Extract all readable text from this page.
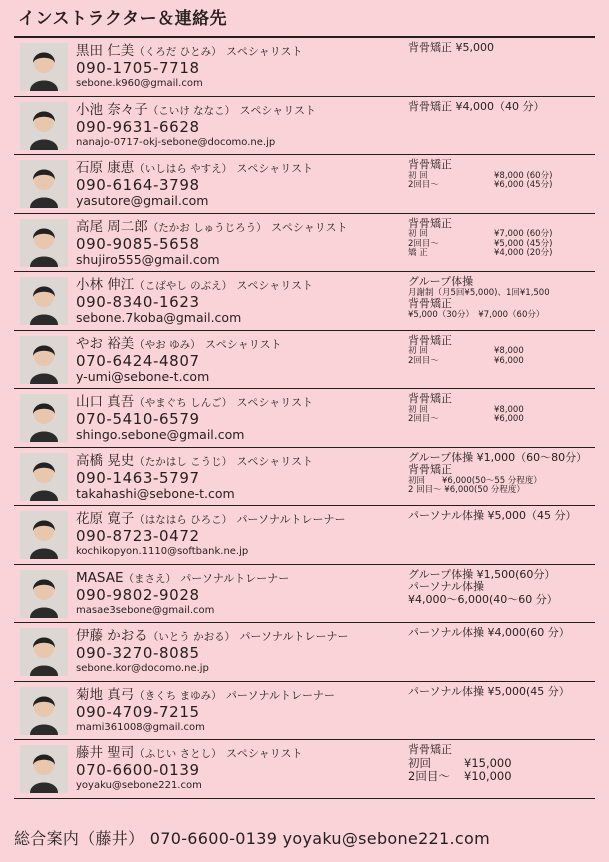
インストラクター＆連絡先
黒田 仁美（くろだ ひとみ） スペシャリスト
090-1705-7718
sebone.k960@gmail.com
背骨矯正 ¥5,000
小池 奈々子（こいけ ななこ） スペシャリスト
090-9631-6628
nanajo-0717-okj-sebone@docomo.ne.jp
背骨矯正 ¥4,000（40 分）
石原 康恵（いしはら やすえ） スペシャリスト
090-6164-3798
yasutore@gmail.com
背骨矯正
初 回	¥8,000 (60分)
2回目〜	¥6,000 (45分)
高尾 周二郎（たかお しゅうじろう） スペシャリスト
090-9085-5658
shujiro555@gmail.com
背骨矯正
初 回	¥7,000 (60分)
2回目〜	¥5,000 (45分)
矯 正	¥4,000 (20分)
小林 伸江（こばやし のぶえ） スペシャリスト
090-8340-1623
sebone.7koba@gmail.com
グループ体操
月謝制（月5回¥5,000)、1回¥1,500
背骨矯正
¥5,000（30分）　¥7,000（60分）
やお 裕美（やお ゆみ） スペシャリスト
070-6424-4807
y-umi@sebone-t.com
背骨矯正
初 回	¥8,000
2回目〜	¥6,000
山口 真吾（やまぐち しんご） スペシャリスト
070-5410-6579
shingo.sebone@gmail.com
背骨矯正
初 回	¥8,000
2回目〜	¥6,000
高橋 晃史（たかはし こうじ） スペシャリスト
090-1463-5797
takahashi@sebone-t.com
グループ体操 ¥1,000（60〜80分）
背骨矯正
初回　　¥6,000(50〜55 分程度）
2 回目〜 ¥6,000(50 分程度）
花原 寛子（はなはら ひろこ） パーソナルトレーナー
090-8723-0472
kochikopyon.1110@softbank.ne.jp
パーソナル体操 ¥5,000（45 分）
MASAE（まさえ） パーソナルトレーナー
090-9802-9028
masae3sebone@gmail.com
グループ体操 ¥1,500(60分）
パーソナル体操
¥4,000〜6,000(40〜60 分）
伊藤 かおる（いとう かおる） パーソナルトレーナー
090-3270-8085
sebone.kor@docomo.ne.jp
パーソナル体操 ¥4,000(60 分）
菊地 真弓（きくち まゆみ） パーソナルトレーナー
090-4709-7215
mami361008@gmail.com
パーソナル体操 ¥5,000(45 分）
藤井 聖司（ふじい さとし） スペシャリスト
070-6600-0139
yoyaku@sebone221.com
背骨矯正
初回	¥15,000
2回目〜 ¥10,000
総合案内（藤井） 070-6600-0139 yoyaku@sebone221.com
